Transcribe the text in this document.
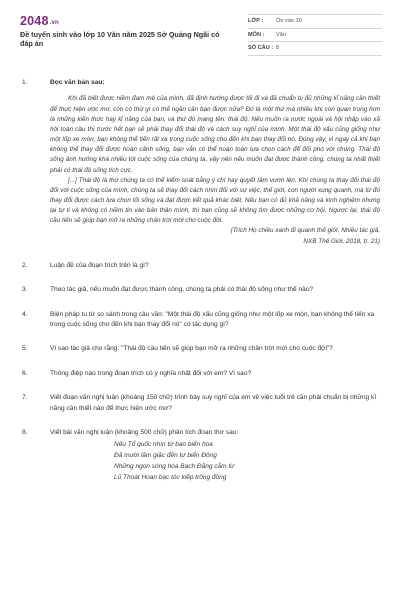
2048.vn
Đề tuyển sinh vào lớp 10 Văn năm 2025 Sở Quảng Ngãi có đáp án
LỚP :	Ôn vào 10
MÔN :	Văn
SỐ CÂU : 8
1.	Đọc văn bản sau:

Khi đã biết được niềm đam mê của mình, đã định hướng được lối đi và đã chuẩn bị đủ những kĩ năng cần thiết để thực hiện ước mơ, còn có thứ gì có thể ngăn cản bạn được nữa? Đó là một thứ mà nhiều khi con quan trọng hơn là những kiến thức hay kĩ năng của bạn, và thứ đó mang tên: thái độ. Nếu muốn ra nước ngoài và hội nhập vào xã hội toàn cầu thì trước hết bạn sẽ phải thay đổi thái độ và cách suy nghĩ của mình. Một thái độ xấu cũng giống như một lốp xe mòn, bạn không thể tiến rất xa trong cuộc sống cho đến khi bạn thay đổi nó. Đúng vậy, vì ngay cả khi bạn không thể thay đổi được hoàn cảnh sống, bạn vẫn có thể hoàn toàn lựa chọn cách để đối phó với chúng. Thái độ sống ảnh hưởng khá nhiều tới cuộc sống của chúng ta, vậy nên nếu muốn đạt được thành công, chúng ta nhất thiết phải có thái độ sống tích cực.

[...] Thái độ là thứ chúng ta có thể kiểm soát bằng ý chí hay quyết tâm vươn lên. Khi chúng ta thay đổi thái độ đối với cuộc sống của mình, chúng ta sẽ thay đổi cách nhìn đối với sự việc, thế giới, con người xung quanh, mà từ đó thay đổi được cách lựa chọn lối sống và đạt được kết quả khác biệt. Nếu bạn có đủ khả năng và kinh nghiệm nhưng lại tự ti và không có niềm tin vào bản thân mình, thì bạn cũng sẽ không tìm được những cơ hội. Ngược lại, thái độ cầu tiến sẽ giúp bạn mở ra những chân trời mới cho cuộc đời.

(Trích Họ chiều xanh đi quanh thế giới, Nhiều tác giả,
NXB Thế Giới, 2018, tr. 21)
2.	Luận đề của đoạn trích trên là gì?
3.	Theo tác giả, nếu muốn đạt được thành công, chúng ta phải có thái độ sống như thế nào?
4.	Biện pháp tu từ so sánh trong câu văn: "Một thái độ xấu cũng giống như một lốp xe mòn, bạn không thể tiến xa trong cuộc sống cho đến khi bạn thay đổi nó" có tác dụng gì?
5.	Vì sao tác giả cho rằng: "Thái độ cầu tiến sẽ giúp bạn mở ra những chân trời mới cho cuộc đời"?
6.	Thông điệp nào trong đoạn trích có ý nghĩa nhất đối với em? Vì sao?
7.	Viết đoạn văn nghị luận (khoảng 150 chữ) trình bày suy nghĩ của em về việc tuổi trẻ cần phải chuẩn bị những kĩ năng cần thiết nào để thực hiện ước mơ?
8.	Viết bài văn nghị luận (khoảng 500 chữ) phân tích đoạn thơ sau:
Nếu Tổ quốc nhìn từ bao biển hoa
Đã mười lăm giặc đến tự biển Đông
Những ngọn sóng hóa Bạch Đằng cắm từ
Lũ Thoát Hoan bạc tóc kiếp trống đồng
